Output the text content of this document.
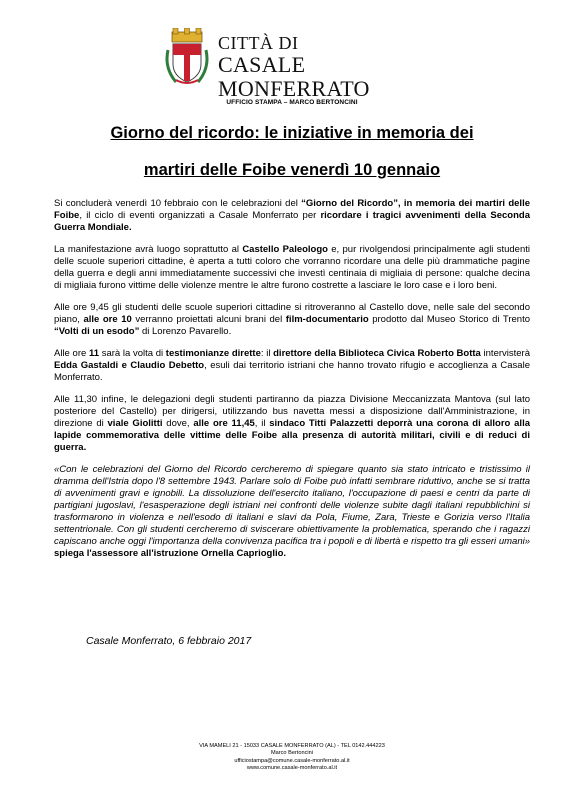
CITTÀ DI
CASALE MONFERRATO
UFFICIO STAMPA – MARCO BERTONCINI
Giorno del ricordo: le iniziative in memoria dei
martiri delle Foibe venerdì 10 gennaio

Si concluderà venerdì 10 febbraio con le celebrazioni del “Giorno del Ricordo”, in memoria dei martiri delle Foibe, il ciclo di eventi organizzati a Casale Monferrato per ricordare i tragici avvenimenti della Seconda Guerra Mondiale.

La manifestazione avrà luogo soprattutto al Castello Paleologo e, pur rivolgendosi principalmente agli studenti delle scuole superiori cittadine, è aperta a tutti coloro che vorranno ricordare una delle più drammatiche pagine della guerra e degli anni immediatamente successivi che investì centinaia di migliaia di persone: qualche decina di migliaia furono vittime delle violenze mentre le altre furono costrette a lasciare le loro case e i loro beni.

Alle ore 9,45 gli studenti delle scuole superiori cittadine si ritroveranno al Castello dove, nelle sale del secondo piano, alle ore 10 verranno proiettati alcuni brani del film-documentario prodotto dal Museo Storico di Trento “Volti di un esodo” di Lorenzo Pavarello.

Alle ore 11 sarà la volta di testimonianze dirette: il direttore della Biblioteca Civica Roberto Botta intervisterà Edda Gastaldi e Claudio Debetto, esuli dai territorio istriani che hanno trovato rifugio e accoglienza a Casale Monferrato.

Alle 11,30 infine, le delegazioni degli studenti partiranno da piazza Divisione Meccanizzata Mantova (sul lato posteriore del Castello) per dirigersi, utilizzando bus navetta messi a disposizione dall'Amministrazione, in direzione di viale Giolitti dove, alle ore 11,45, il sindaco Titti Palazzetti deporrà una corona di alloro alla lapide commemorativa delle vittime delle Foibe alla presenza di autorità militari, civili e di reduci di guerra.

«Con le celebrazioni del Giorno del Ricordo cercheremo di spiegare quanto sia stato intricato e tristissimo il dramma dell'Istria dopo l'8 settembre 1943. Parlare solo di Foibe può infatti sembrare riduttivo, anche se si tratta di avvenimenti gravi e ignobili. La dissoluzione dell'esercito italiano, l'occupazione di paesi e centri da parte di partigiani jugoslavi, l'esasperazione degli istriani nei confronti delle violenze subite dagli italiani repubblichini si trasformarono in violenza e nell'esodo di italiani e slavi da Pola, Fiume, Zara, Trieste e Gorizia verso l'Italia settentrionale. Con gli studenti cercheremo di sviscerare obiettivamente la problematica, sperando che i ragazzi capiscano anche oggi l'importanza della convivenza pacifica tra i popoli e di libertà e rispetto tra gli esseri umani» spiega l'assessore all'istruzione Ornella Caprioglio.

Casale Monferrato, 6 febbraio 2017
VIA MAMELI 21 - 15033 CASALE MONFERRATO (AL) - TEL 0142.444223
Marco Bertoncini
ufficiostampa@comune.casale-monferrato.al.it
www.comune.casale-monferrato.al.it
